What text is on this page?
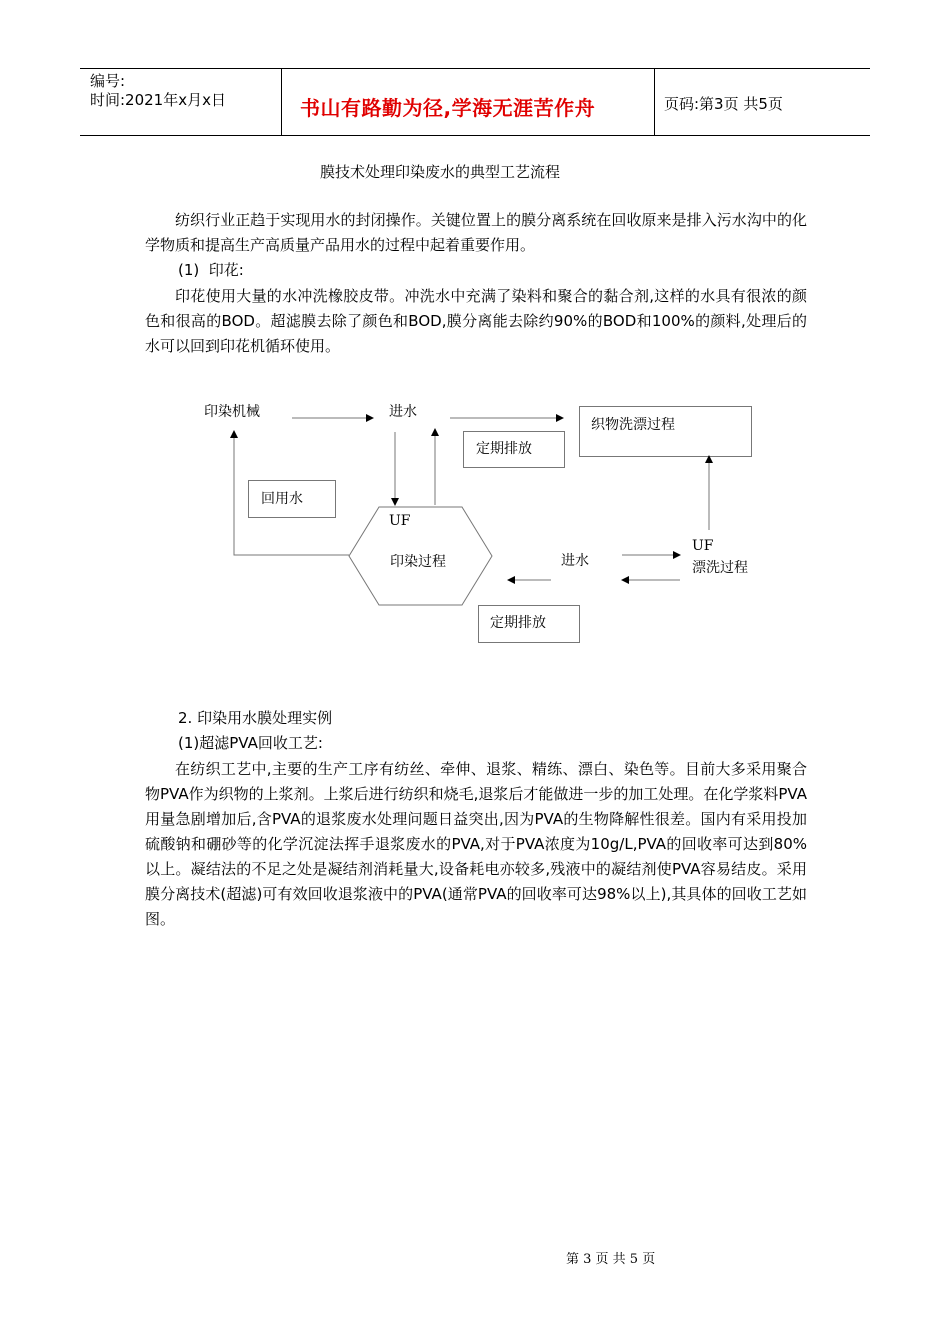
编号:
时间:2021年x月x日	书山有路勤为径,学海无涯苦作舟	页码:第3页 共5页
膜技术处理印染废水的典型工艺流程

纺织行业正趋于实现用水的封闭操作。关键位置上的膜分离系统在回收原来是排入污水沟中的化学物质和提高生产高质量产品用水的过程中起着重要作用。

(1)  印花:

印花使用大量的水冲洗橡胶皮带。冲洗水中充满了染料和聚合的黏合剂,这样的水具有很浓的颜色和很高的BOD。超滤膜去除了颜色和BOD,膜分离能去除约90%的BOD和100%的颜料,处理后的水可以回到印花机循环使用。

印染机械	进水
织物洗漂过程
定期排放
回用水
UF
印染过程	进水
UF
漂洗过程
定期排放
2. 印染用水膜处理实例
(1)超滤PVA回收工艺:

在纺织工艺中,主要的生产工序有纺丝、牵伸、退浆、精练、漂白、染色等。目前大多采用聚合物PVA作为织物的上浆剂。上浆后进行纺织和烧毛,退浆后才能做进一步的加工处理。在化学浆料PVA用量急剧增加后,含PVA的退浆废水处理问题日益突出,因为PVA的生物降解性很差。国内有采用投加硫酸钠和硼砂等的化学沉淀法挥手退浆废水的PVA,对于PVA浓度为10g/L,PVA的回收率可达到80%以上。凝结法的不足之处是凝结剂消耗量大,设备耗电亦较多,残液中的凝结剂使PVA容易结皮。采用膜分离技术(超滤)可有效回收退浆液中的PVA(通常PVA的回收率可达98%以上),其具体的回收工艺如图。

第 3 页 共 5 页
